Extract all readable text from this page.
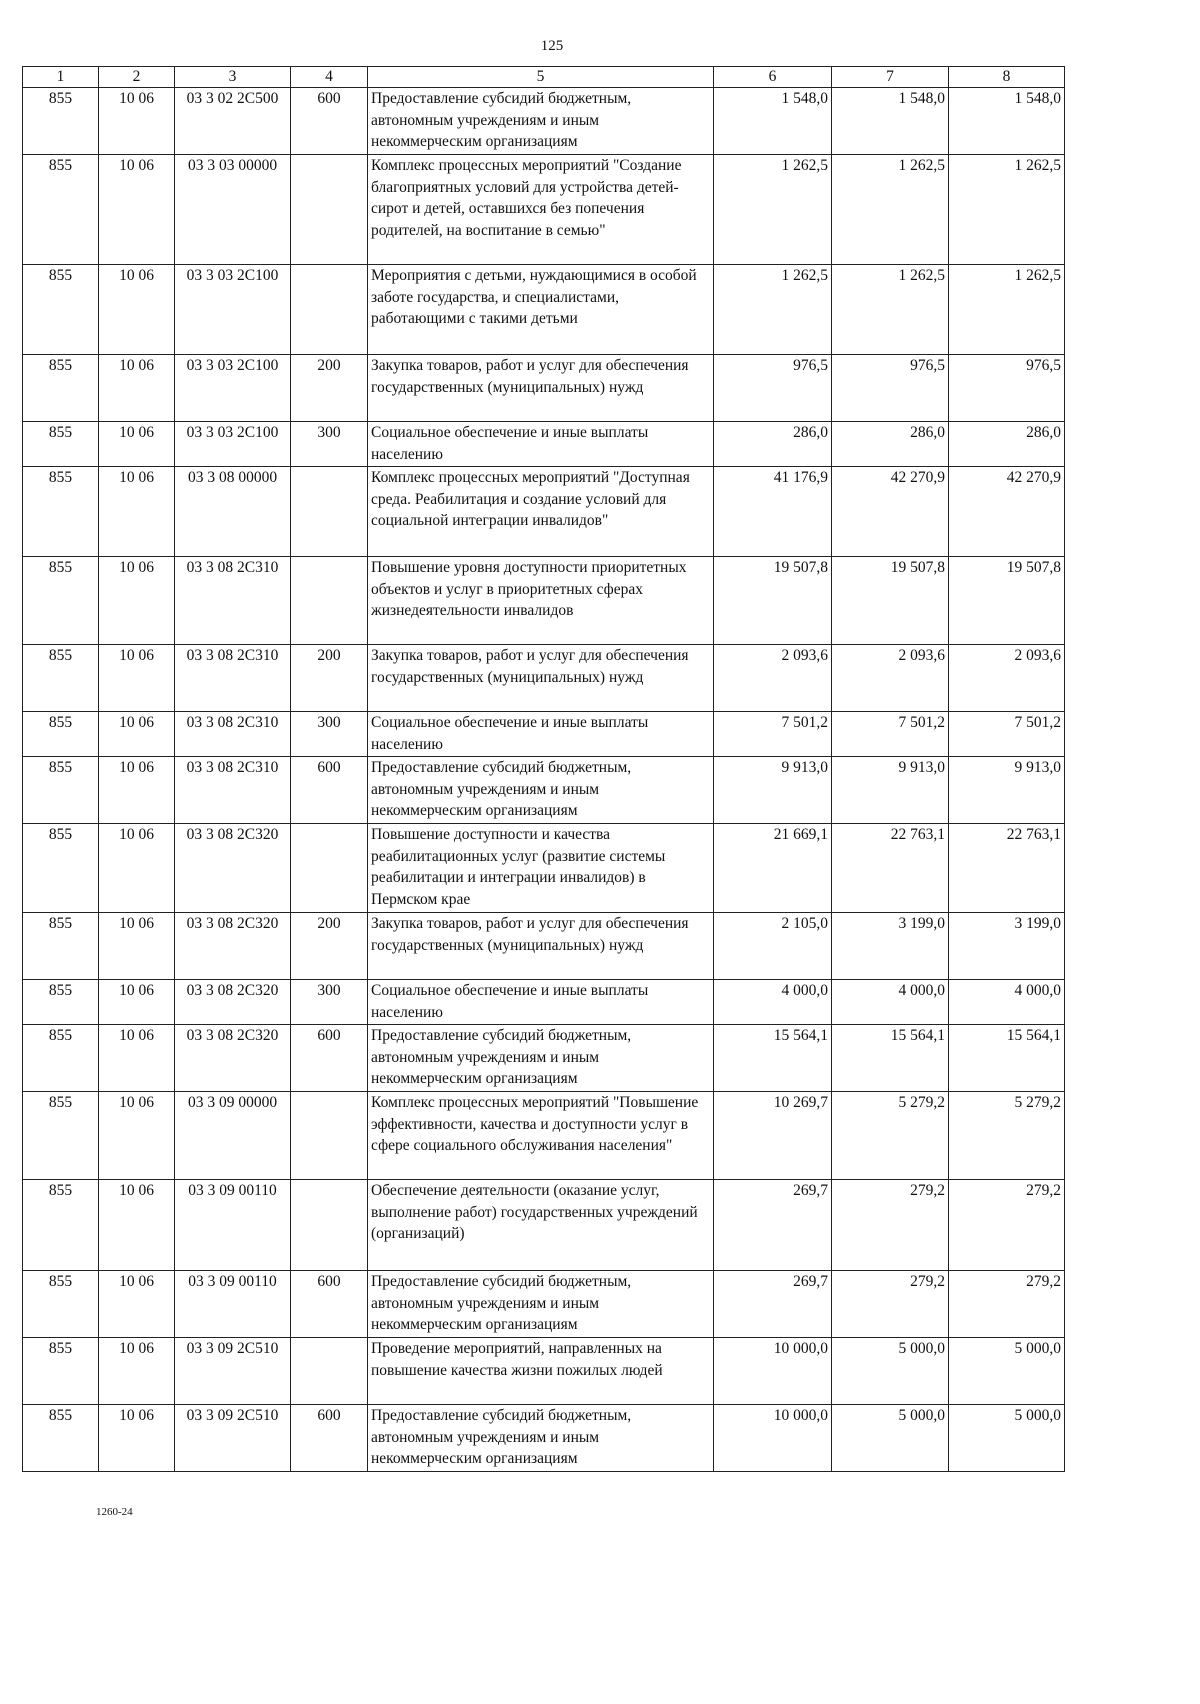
125
1	2	3	4	5	6	7	8
855	10 06	03 3 02 2С500	600	Предоставление субсидий бюджетным, автономным учреждениям и иным некоммерческим организациям	1 548,0	1 548,0	1 548,0
855	10 06	03 3 03 00000		Комплекс процессных мероприятий "Создание благоприятных условий для устройства детей-сирот и детей, оставшихся без попечения родителей, на воспитание в семью"	1 262,5	1 262,5	1 262,5
855	10 06	03 3 03 2С100		Мероприятия с детьми, нуждающимися в особой заботе государства, и специалистами, работающими с такими детьми	1 262,5	1 262,5	1 262,5
855	10 06	03 3 03 2С100	200	Закупка товаров, работ и услуг для обеспечения государственных (муниципальных) нужд	976,5	976,5	976,5
855	10 06	03 3 03 2С100	300	Социальное обеспечение и иные выплаты населению	286,0	286,0	286,0
855	10 06	03 3 08 00000		Комплекс процессных мероприятий "Доступная среда. Реабилитация и создание условий для социальной интеграции инвалидов"	41 176,9	42 270,9	42 270,9
855	10 06	03 3 08 2С310		Повышение уровня доступности приоритетных объектов и услуг в приоритетных сферах жизнедеятельности инвалидов	19 507,8	19 507,8	19 507,8
855	10 06	03 3 08 2С310	200	Закупка товаров, работ и услуг для обеспечения государственных (муниципальных) нужд	2 093,6	2 093,6	2 093,6
855	10 06	03 3 08 2С310	300	Социальное обеспечение и иные выплаты населению	7 501,2	7 501,2	7 501,2
855	10 06	03 3 08 2С310	600	Предоставление субсидий бюджетным, автономным учреждениям и иным некоммерческим организациям	9 913,0	9 913,0	9 913,0
855	10 06	03 3 08 2С320		Повышение доступности и качества реабилитационных услуг (развитие системы реабилитации и интеграции инвалидов) в Пермском крае	21 669,1	22 763,1	22 763,1
855	10 06	03 3 08 2С320	200	Закупка товаров, работ и услуг для обеспечения государственных (муниципальных) нужд	2 105,0	3 199,0	3 199,0
855	10 06	03 3 08 2С320	300	Социальное обеспечение и иные выплаты населению	4 000,0	4 000,0	4 000,0
855	10 06	03 3 08 2С320	600	Предоставление субсидий бюджетным, автономным учреждениям и иным некоммерческим организациям	15 564,1	15 564,1	15 564,1
855	10 06	03 3 09 00000		Комплекс процессных мероприятий "Повышение эффективности, качества и доступности услуг в сфере социального обслуживания населения"	10 269,7	5 279,2	5 279,2
855	10 06	03 3 09 00110		Обеспечение деятельности (оказание услуг, выполнение работ) государственных учреждений (организаций)	269,7	279,2	279,2
855	10 06	03 3 09 00110	600	Предоставление субсидий бюджетным, автономным учреждениям и иным некоммерческим организациям	269,7	279,2	279,2
855	10 06	03 3 09 2С510		Проведение мероприятий, направленных на повышение качества жизни пожилых людей	10 000,0	5 000,0	5 000,0
855	10 06	03 3 09 2С510	600	Предоставление субсидий бюджетным, автономным учреждениям и иным некоммерческим организациям	10 000,0	5 000,0	5 000,0
1260-24
